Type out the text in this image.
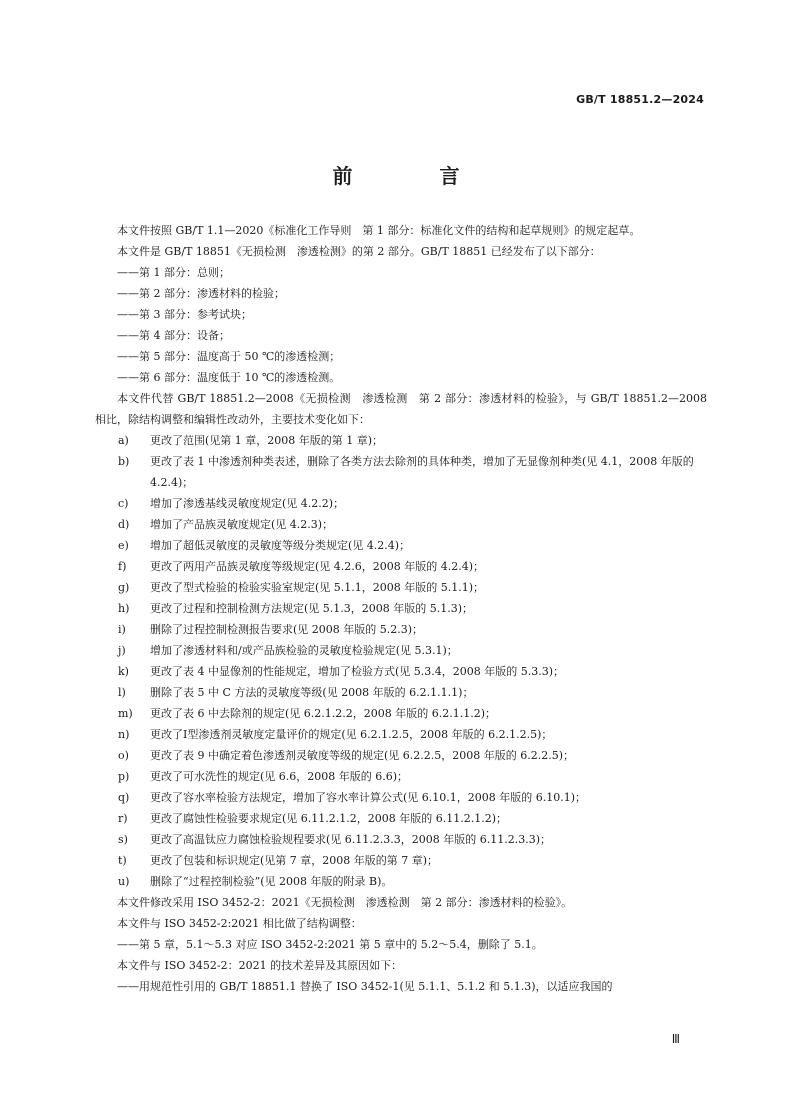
GB/T 18851.2—2024
前 言

本文件按照 GB/T 1.1—2020《标准化工作导则　第 1 部分：标准化文件的结构和起草规则》的规定起草。

本文件是 GB/T 18851《无损检测　渗透检测》的第 2 部分。GB/T 18851 已经发布了以下部分：

——第 1 部分：总则；

——第 2 部分：渗透材料的检验；

——第 3 部分：参考试块；

——第 4 部分：设备；

——第 5 部分：温度高于 50 ℃的渗透检测；

——第 6 部分：温度低于 10 ℃的渗透检测。

本文件代替 GB/T 18851.2—2008《无损检测　渗透检测　第 2 部分：渗透材料的检验》，与 GB/T 18851.2—2008 相比，除结构调整和编辑性改动外，主要技术变化如下：

a)	更改了范围(见第 1 章，2008 年版的第 1 章)；
b)	更改了表 1 中渗透剂种类表述，删除了各类方法去除剂的具体种类，增加了无显像剂种类(见 4.1，2008 年版的 4.2.4)；
c)	增加了渗透基线灵敏度规定(见 4.2.2)；
d)	增加了产品族灵敏度规定(见 4.2.3)；
e)	增加了超低灵敏度的灵敏度等级分类规定(见 4.2.4)；
f)	更改了两用产品族灵敏度等级规定(见 4.2.6，2008 年版的 4.2.4)；
g)	更改了型式检验的检验实验室规定(见 5.1.1，2008 年版的 5.1.1)；
h)	更改了过程和控制检测方法规定(见 5.1.3，2008 年版的 5.1.3)；
i)	删除了过程控制检测报告要求(见 2008 年版的 5.2.3)；
j)	增加了渗透材料和/或产品族检验的灵敏度检验规定(见 5.3.1)；
k)	更改了表 4 中显像剂的性能规定，增加了检验方式(见 5.3.4，2008 年版的 5.3.3)；
l)	删除了表 5 中 C 方法的灵敏度等级(见 2008 年版的 6.2.1.1.1)；
m)	更改了表 6 中去除剂的规定(见 6.2.1.2.2，2008 年版的 6.2.1.1.2)；
n)	更改了Ⅰ型渗透剂灵敏度定量评价的规定(见 6.2.1.2.5，2008 年版的 6.2.1.2.5)；
o)	更改了表 9 中确定着色渗透剂灵敏度等级的规定(见 6.2.2.5，2008 年版的 6.2.2.5)；
p)	更改了可水洗性的规定(见 6.6，2008 年版的 6.6)；
q)	更改了容水率检验方法规定，增加了容水率计算公式(见 6.10.1，2008 年版的 6.10.1)；
r)	更改了腐蚀性检验要求规定(见 6.11.2.1.2，2008 年版的 6.11.2.1.2)；
s)	更改了高温钛应力腐蚀检验规程要求(见 6.11.2.3.3，2008 年版的 6.11.2.3.3)；
t)	更改了包装和标识规定(见第 7 章，2008 年版的第 7 章)；
u)	删除了“过程控制检验”(见 2008 年版的附录 B)。

本文件修改采用 ISO 3452-2：2021《无损检测　渗透检测　第 2 部分：渗透材料的检验》。

本文件与 ISO 3452-2:2021 相比做了结构调整：

——第 5 章，5.1～5.3 对应 ISO 3452-2:2021 第 5 章中的 5.2～5.4，删除了 5.1。

本文件与 ISO 3452-2：2021 的技术差异及其原因如下：

——用规范性引用的 GB/T 18851.1 替换了 ISO 3452-1(见 5.1.1、5.1.2 和 5.1.3)，以适应我国的

Ⅲ
